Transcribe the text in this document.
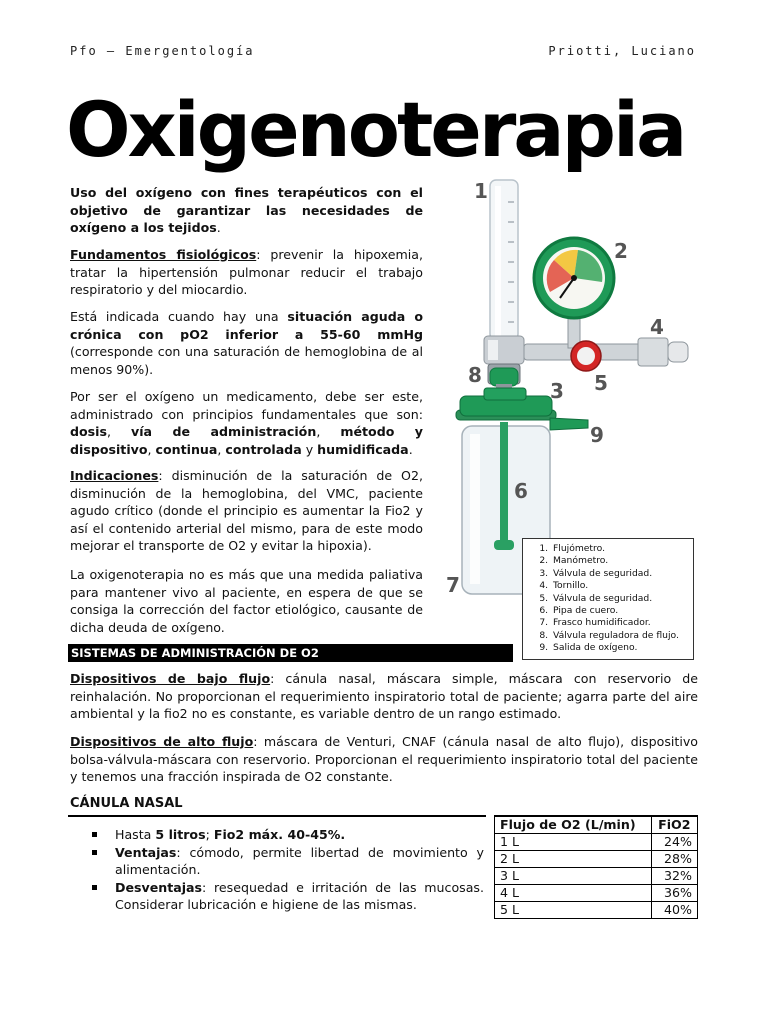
Pfo – Emergentología	Priotti, Luciano
Oxigenoterapia

Uso del oxígeno con fines terapéuticos con el objetivo de garantizar las necesidades de oxígeno a los tejidos.

Fundamentos fisiológicos: prevenir la hipoxemia, tratar la hipertensión pulmonar reducir el trabajo respiratorio y del miocardio.

Está indicada cuando hay una situación aguda o crónica con pO2 inferior a 55-60 mmHg (corresponde con una saturación de hemoglobina de al menos 90%).

Por ser el oxígeno un medicamento, debe ser este, administrado con principios fundamentales que son: dosis, vía de administración, método y dispositivo, continua, controlada y humidificada.

Indicaciones: disminución de la saturación de O2, disminución de la hemoglobina, del VMC, paciente agudo crítico (donde el principio es aumentar la Fio2 y así el contenido arterial del mismo, para de este modo mejorar el transporte de O2 y evitar la hipoxia).

La oxigenoterapia no es más que una medida paliativa para mantener vivo al paciente, en espera de que se consiga la corrección del factor etiológico, causante de dicha deuda de oxígeno.

1
2
3
4
5
6
7
8
9
1. Flujómetro.
2. Manómetro.
3. Válvula de seguridad.
4. Tornillo.
5. Válvula de seguridad.
6. Pipa de cuero.
7. Frasco humidificador.
8. Válvula reguladora de flujo.
9. Salida de oxígeno.
SISTEMAS DE ADMINISTRACIÓN DE O2

Dispositivos de bajo flujo: cánula nasal, máscara simple, máscara con reservorio de reinhalación. No proporcionan el requerimiento inspiratorio total de paciente; agarra parte del aire ambiental y la fio2 no es constante, es variable dentro de un rango estimado.

Dispositivos de alto flujo: máscara de Venturi, CNAF (cánula nasal de alto flujo), dispositivo bolsa-válvula-máscara con reservorio. Proporcionan el requerimiento inspiratorio total del paciente y tenemos una fracción inspirada de O2 constante.

CÁNULA NASAL
Hasta 5 litros; Fio2 máx. 40-45%.
Ventajas: cómodo, permite libertad de movimiento y alimentación.
Desventajas: resequedad e irritación de las mucosas. Considerar lubricación e higiene de las mismas.
Flujo de O2 (L/min)	FiO2
1 L	24%
2 L	28%
3 L	32%
4 L	36%
5 L	40%
